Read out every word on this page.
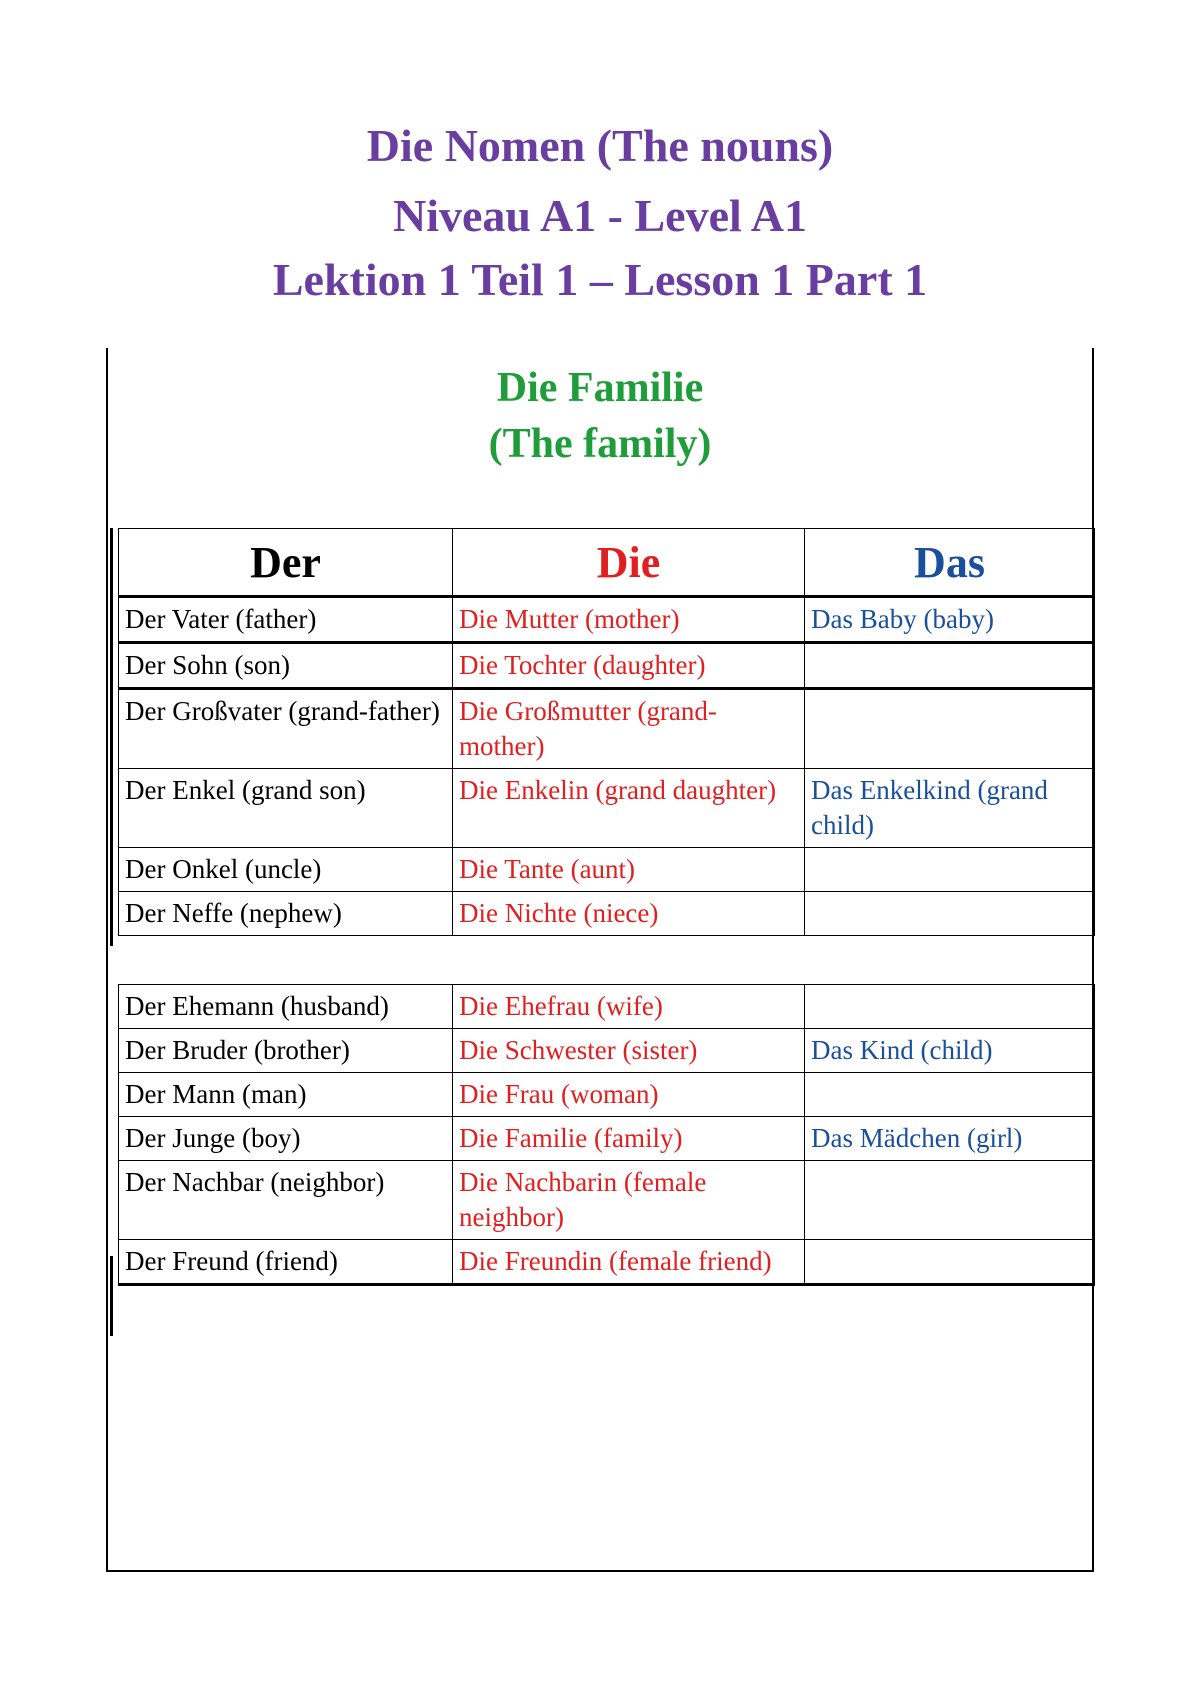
Die Nomen (The nouns)
Niveau A1 - Level A1
Lektion 1 Teil 1 – Lesson 1 Part 1
Die Familie
(The family)
Der	Die	Das
Der Vater (father)	Die Mutter (mother)	Das Baby (baby)
Der Sohn (son)	Die Tochter (daughter)	
Der Großvater (grand-father)	Die Großmutter (grand-mother)	
Der Enkel (grand son)	Die Enkelin (grand daughter)	Das Enkelkind (grand child)
Der Onkel (uncle)	Die Tante (aunt)	
Der Neffe (nephew)	Die Nichte (niece)	
Der Ehemann (husband)	Die Ehefrau (wife)	
Der Bruder (brother)	Die Schwester (sister)	Das Kind (child)
Der Mann (man)	Die Frau (woman)	
Der Junge (boy)	Die Familie (family)	Das Mädchen (girl)
Der Nachbar (neighbor)	Die Nachbarin (female neighbor)	
Der Freund (friend)	Die Freundin (female friend)	
